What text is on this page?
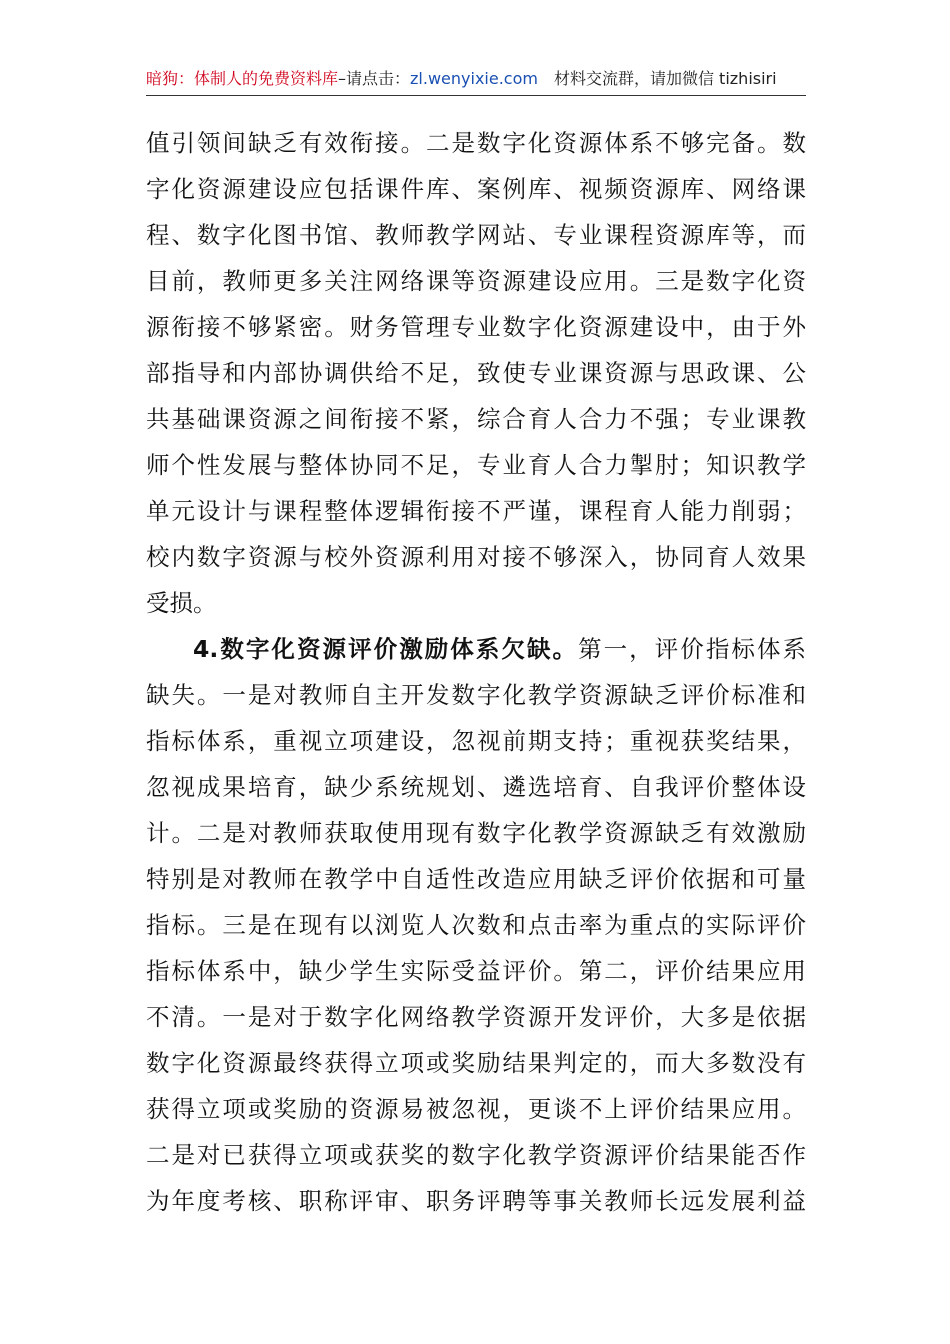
暗狗：体制人的免费资料库–请点击：zl.wenyixie.com 材料交流群，请加微信 tizhisiri
值引领间缺乏有效衔接。二是数字化资源体系不够完备。数
字化资源建设应包括课件库、案例库、视频资源库、网络课
程、数字化图书馆、教师教学网站、专业课程资源库等，而
目前，教师更多关注网络课等资源建设应用。三是数字化资
源衔接不够紧密。财务管理专业数字化资源建设中，由于外
部指导和内部协调供给不足，致使专业课资源与思政课、公
共基础课资源之间衔接不紧，综合育人合力不强；专业课教
师个性发展与整体协同不足，专业育人合力掣肘；知识教学
单元设计与课程整体逻辑衔接不严谨，课程育人能力削弱；
校内数字资源与校外资源利用对接不够深入，协同育人效果
受损。
4.数字化资源评价激励体系欠缺。第一，评价指标体系
缺失。一是对教师自主开发数字化教学资源缺乏评价标准和
指标体系，重视立项建设，忽视前期支持；重视获奖结果，
忽视成果培育，缺少系统规划、遴选培育、自我评价整体设
计。二是对教师获取使用现有数字化教学资源缺乏有效激励
特别是对教师在教学中自适性改造应用缺乏评价依据和可量
指标。三是在现有以浏览人次数和点击率为重点的实际评价
指标体系中，缺少学生实际受益评价。第二，评价结果应用
不清。一是对于数字化网络教学资源开发评价，大多是依据
数字化资源最终获得立项或奖励结果判定的，而大多数没有
获得立项或奖励的资源易被忽视，更谈不上评价结果应用。
二是对已获得立项或获奖的数字化教学资源评价结果能否作
为年度考核、职称评审、职务评聘等事关教师长远发展利益
